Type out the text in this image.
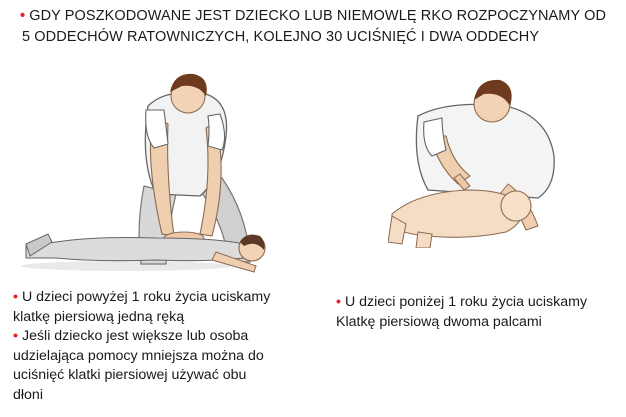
• GDY POSZKODOWANE JEST DZIECKO LUB NIEMOWLĘ RKO ROZPOCZYNAMY OD
5 ODDECHÓW RATOWNICZYCH, KOLEJNO 30 UCIŚNIĘĆ I DWA ODDECHY
• U dzieci powyżej 1 roku życia uciskamy
klatkę piersiową jedną ręką
• Jeśli dziecko jest większe lub osoba
udzielająca pomocy mniejsza można do
uciśnięć klatki piersiowej używać obu
dłoni
• U dzieci poniżej 1 roku życia uciskamy
Klatkę piersiową dwoma palcami
